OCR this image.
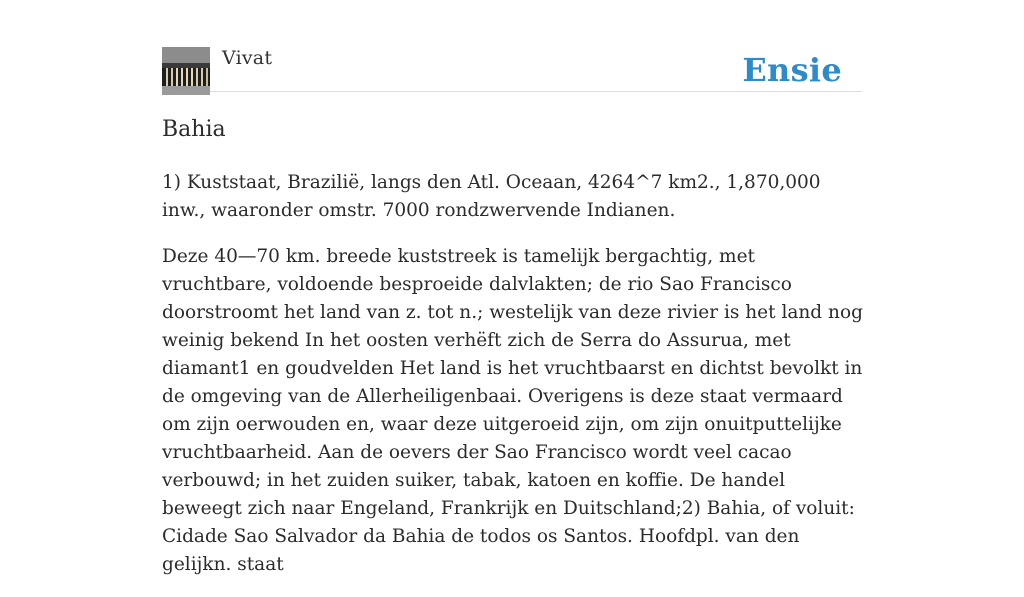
Vivat	Ensie
Bahia

1) Kuststaat, Brazilië, langs den Atl. Oceaan, 4264^7 km2., 1,870,000 inw., waaronder omstr. 7000 rondzwervende Indianen.

Deze 40—70 km. breede kuststreek is tamelijk bergachtig, met vruchtbare, voldoende besproeide dalvlakten; de rio Sao Francisco doorstroomt het land van z. tot n.; westelijk van deze rivier is het land nog weinig bekend In het oosten verhëft zich de Serra do Assurua, met diamant1 en goudvelden Het land is het vruchtbaarst en dichtst bevolkt in de omgeving van de Allerheiligenbaai. Overigens is deze staat vermaard om zijn oerwouden en, waar deze uitgeroeid zijn, om zijn onuitputtelijke vruchtbaarheid. Aan de oevers der Sao Francisco wordt veel cacao verbouwd; in het zuiden suiker, tabak, katoen en koffie. De handel beweegt zich naar Engeland, Frankrijk en Duitschland;2) Bahia, of voluit: Cidade Sao Salvador da Bahia de todos os Santos. Hoofdpl. van den gelijkn. staat
